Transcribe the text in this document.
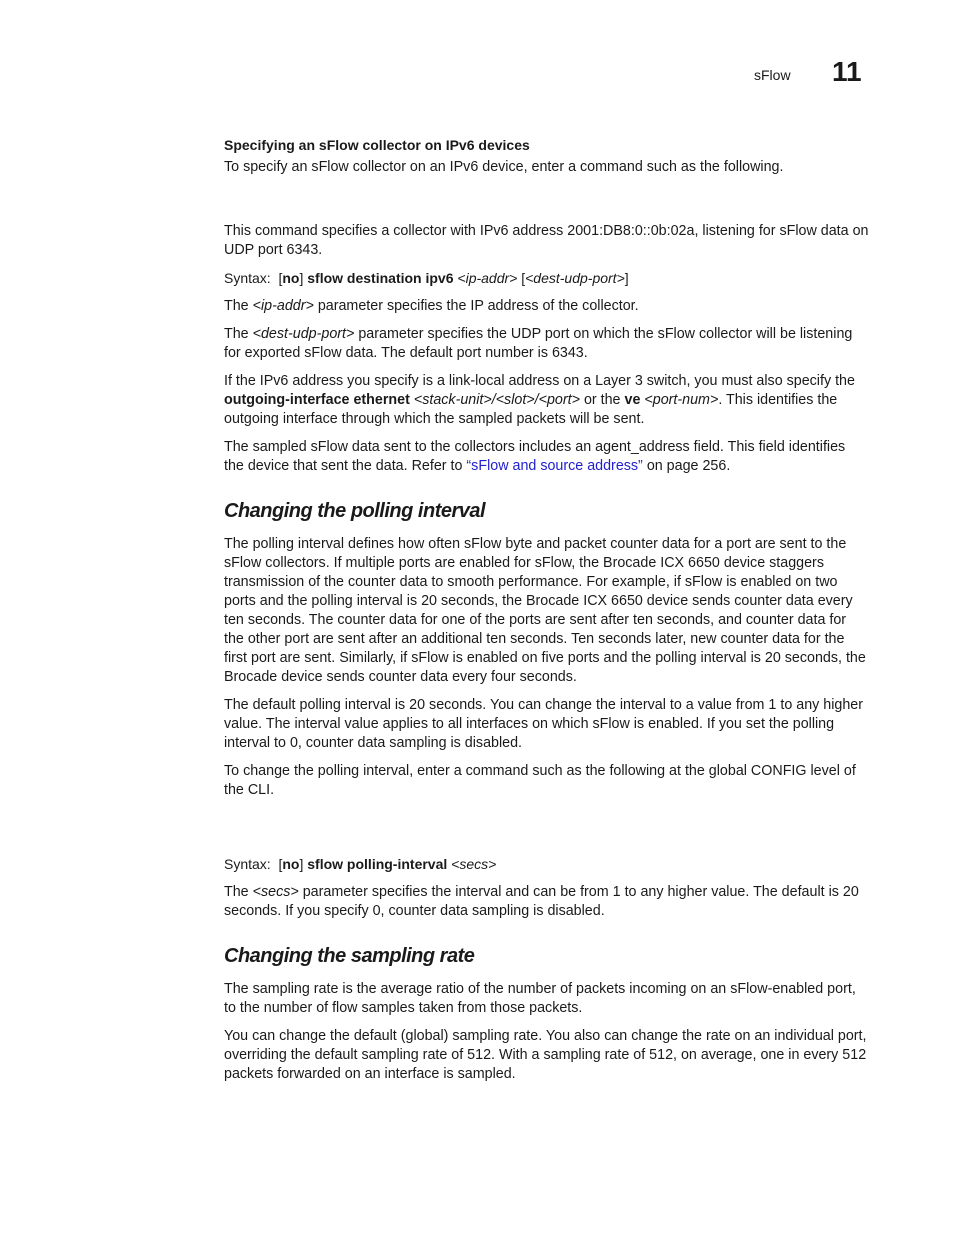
sFlow 11

Specifying an sFlow collector on IPv6 devices

To specify an sFlow collector on an IPv6 device, enter a command such as the following.

This command specifies a collector with IPv6 address 2001:DB8:0::0b:02a, listening for sFlow data on UDP port 6343.

Syntax: [no] sflow destination ipv6 <ip-addr> [<dest-udp-port>]

The <ip-addr> parameter specifies the IP address of the collector.

The <dest-udp-port> parameter specifies the UDP port on which the sFlow collector will be listening for exported sFlow data. The default port number is 6343.

If the IPv6 address you specify is a link-local address on a Layer 3 switch, you must also specify the outgoing-interface ethernet <stack-unit>/<slot>/<port> or the ve <port-num>. This identifies the outgoing interface through which the sampled packets will be sent.

The sampled sFlow data sent to the collectors includes an agent_address field. This field identifies the device that sent the data. Refer to “sFlow and source address” on page 256.

Changing the polling interval

The polling interval defines how often sFlow byte and packet counter data for a port are sent to the sFlow collectors. If multiple ports are enabled for sFlow, the Brocade ICX 6650 device staggers transmission of the counter data to smooth performance. For example, if sFlow is enabled on two ports and the polling interval is 20 seconds, the Brocade ICX 6650 device sends counter data every ten seconds. The counter data for one of the ports are sent after ten seconds, and counter data for the other port are sent after an additional ten seconds. Ten seconds later, new counter data for the first port are sent. Similarly, if sFlow is enabled on five ports and the polling interval is 20 seconds, the Brocade device sends counter data every four seconds.

The default polling interval is 20 seconds. You can change the interval to a value from 1 to any higher value. The interval value applies to all interfaces on which sFlow is enabled. If you set the polling interval to 0, counter data sampling is disabled.

To change the polling interval, enter a command such as the following at the global CONFIG level of the CLI.

Syntax: [no] sflow polling-interval <secs>

The <secs> parameter specifies the interval and can be from 1 to any higher value. The default is 20 seconds. If you specify 0, counter data sampling is disabled.

Changing the sampling rate

The sampling rate is the average ratio of the number of packets incoming on an sFlow-enabled port, to the number of flow samples taken from those packets.

You can change the default (global) sampling rate. You also can change the rate on an individual port, overriding the default sampling rate of 512. With a sampling rate of 512, on average, one in every 512 packets forwarded on an interface is sampled.
